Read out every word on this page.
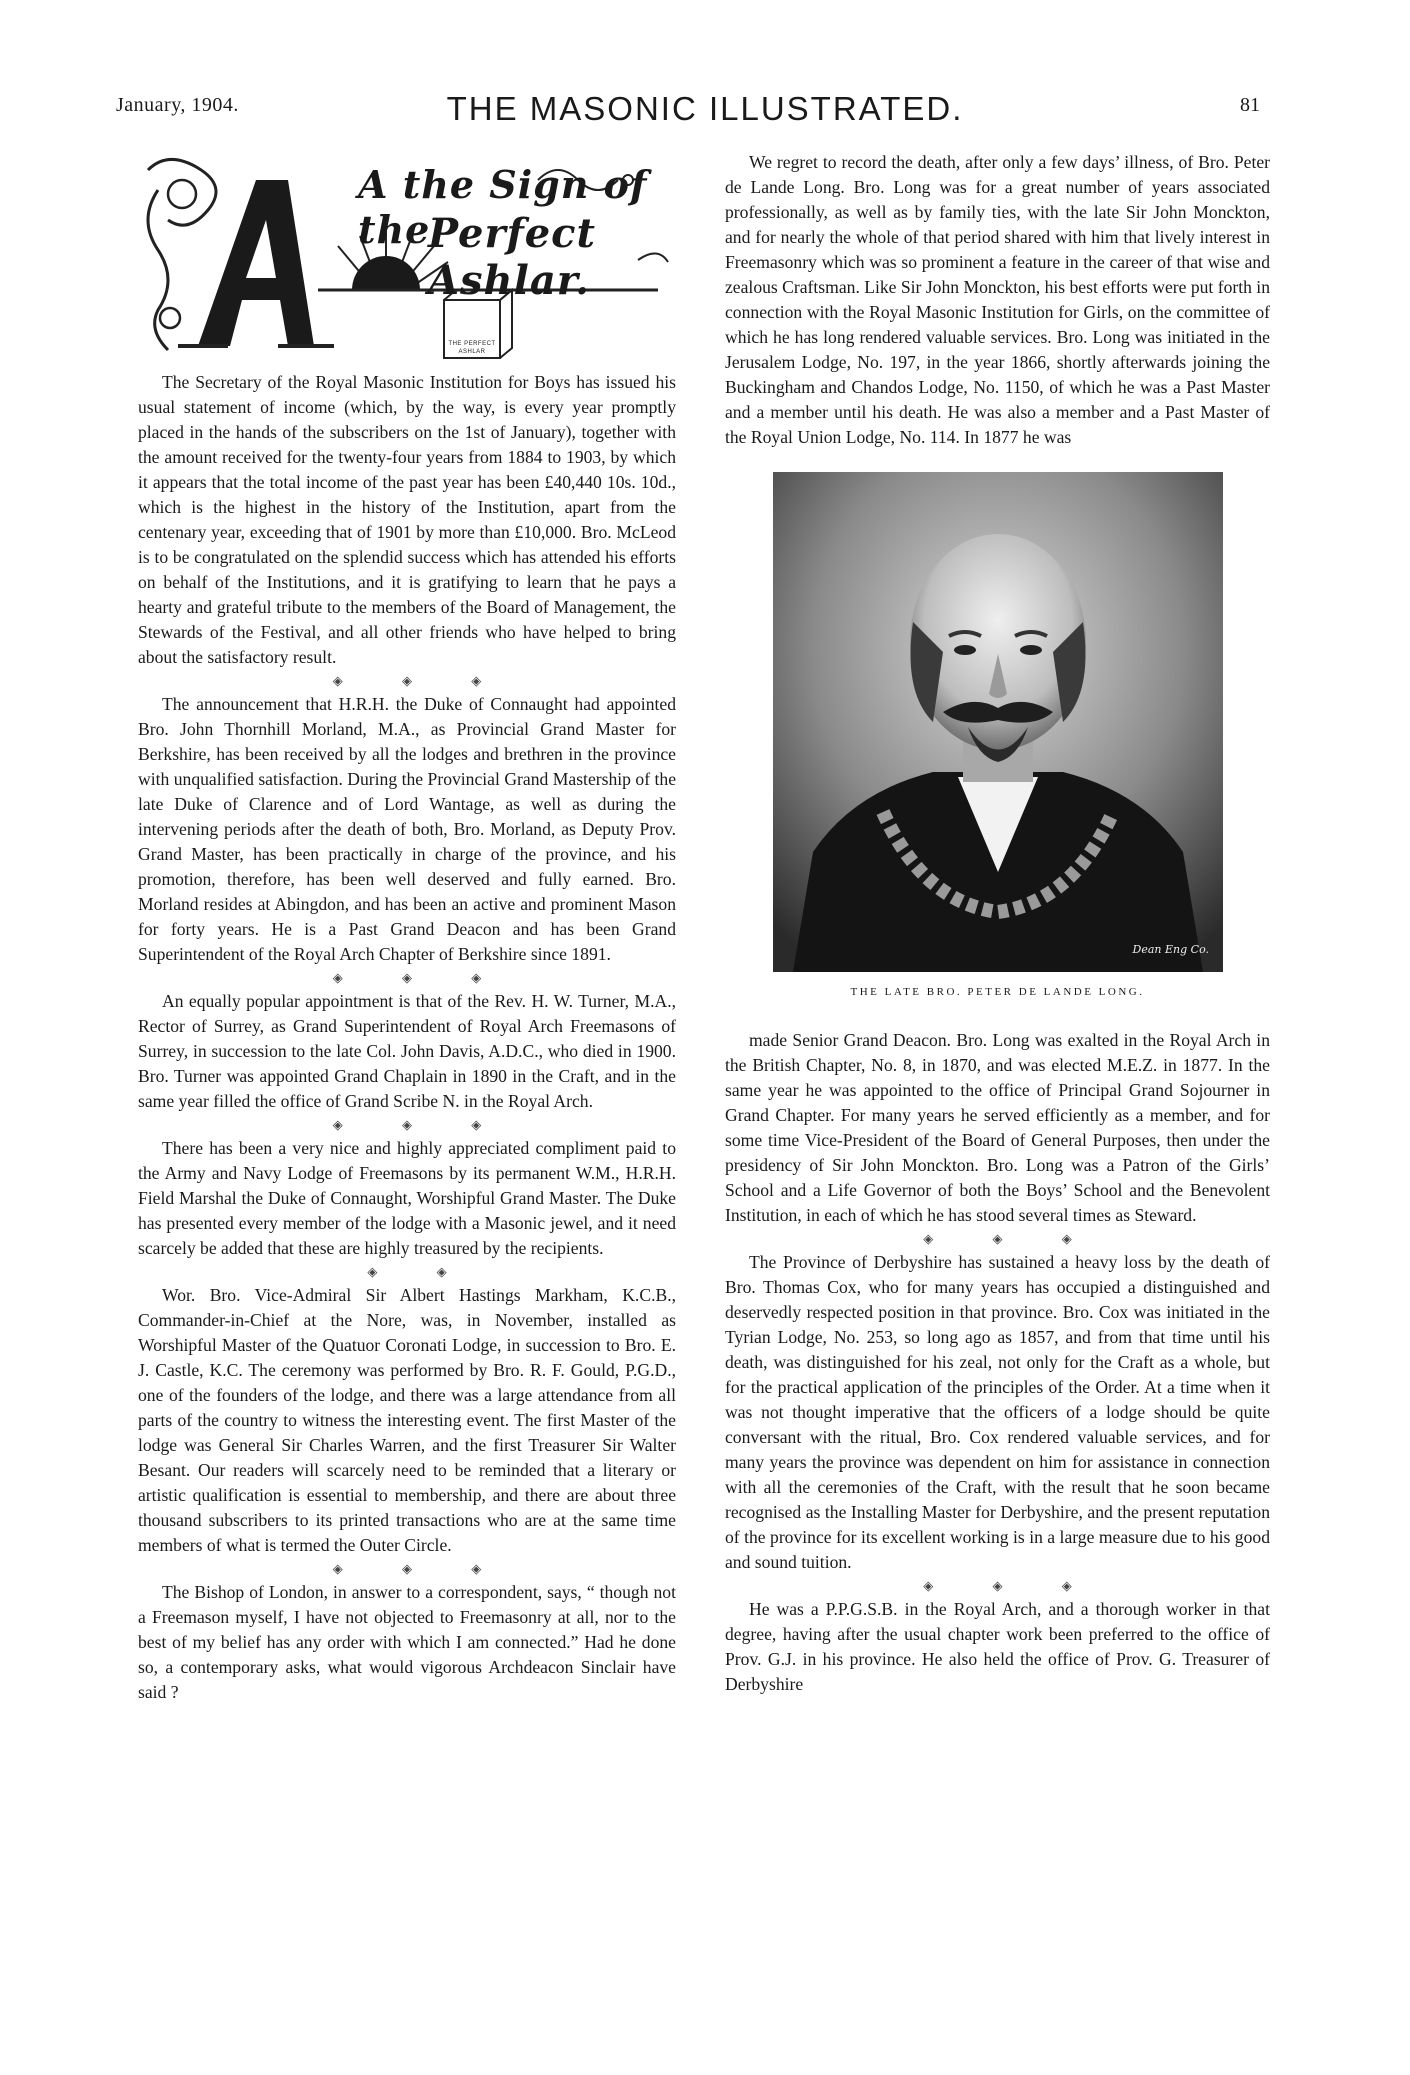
January, 1904.	THE MASONIC ILLUSTRATED.	81
A the Sign of the
Perfect Ashlar.
THE PERFECT ASHLAR

The Secretary of the Royal Masonic Institution for Boys has issued his usual statement of income (which, by the way, is every year promptly placed in the hands of the subscribers on the 1st of January), together with the amount received for the twenty-four years from 1884 to 1903, by which it appears that the total income of the past year has been £40,440 10s. 10d., which is the highest in the history of the Institution, apart from the centenary year, exceeding that of 1901 by more than £10,000. Bro. McLeod is to be congratulated on the splendid success which has attended his efforts on behalf of the Institutions, and it is gratifying to learn that he pays a hearty and grateful tribute to the members of the Board of Management, the Stewards of the Festival, and all other friends who have helped to bring about the satisfactory result.

◈ ◈ ◈

The announcement that H.R.H. the Duke of Connaught had appointed Bro. John Thornhill Morland, M.A., as Provincial Grand Master for Berkshire, has been received by all the lodges and brethren in the province with unqualified satisfaction. During the Provincial Grand Mastership of the late Duke of Clarence and of Lord Wantage, as well as during the intervening periods after the death of both, Bro. Morland, as Deputy Prov. Grand Master, has been practically in charge of the province, and his promotion, therefore, has been well deserved and fully earned. Bro. Morland resides at Abingdon, and has been an active and prominent Mason for forty years. He is a Past Grand Deacon and has been Grand Superintendent of the Royal Arch Chapter of Berkshire since 1891.

◈ ◈ ◈

An equally popular appointment is that of the Rev. H. W. Turner, M.A., Rector of Surrey, as Grand Superintendent of Royal Arch Freemasons of Surrey, in succession to the late Col. John Davis, A.D.C., who died in 1900. Bro. Turner was appointed Grand Chaplain in 1890 in the Craft, and in the same year filled the office of Grand Scribe N. in the Royal Arch.

◈ ◈ ◈

There has been a very nice and highly appreciated compliment paid to the Army and Navy Lodge of Freemasons by its permanent W.M., H.R.H. Field Marshal the Duke of Connaught, Worshipful Grand Master. The Duke has presented every member of the lodge with a Masonic jewel, and it need scarcely be added that these are highly treasured by the recipients.

◈ ◈

Wor. Bro. Vice-Admiral Sir Albert Hastings Markham, K.C.B., Commander-in-Chief at the Nore, was, in November, installed as Worshipful Master of the Quatuor Coronati Lodge, in succession to Bro. E. J. Castle, K.C. The ceremony was performed by Bro. R. F. Gould, P.G.D., one of the founders of the lodge, and there was a large attendance from all parts of the country to witness the interesting event. The first Master of the lodge was General Sir Charles Warren, and the first Treasurer Sir Walter Besant. Our readers will scarcely need to be reminded that a literary or artistic qualification is essential to membership, and there are about three thousand subscribers to its printed transactions who are at the same time members of what is termed the Outer Circle.

◈ ◈ ◈

The Bishop of London, in answer to a correspondent, says, “ though not a Freemason myself, I have not objected to Freemasonry at all, nor to the best of my belief has any order with which I am connected.” Had he done so, a contemporary asks, what would vigorous Archdeacon Sinclair have said ?

We regret to record the death, after only a few days’ illness, of Bro. Peter de Lande Long. Bro. Long was for a great number of years associated professionally, as well as by family ties, with the late Sir John Monckton, and for nearly the whole of that period shared with him that lively interest in Freemasonry which was so prominent a feature in the career of that wise and zealous Craftsman. Like Sir John Monckton, his best efforts were put forth in connection with the Royal Masonic Institution for Girls, on the committee of which he has long rendered valuable services. Bro. Long was initiated in the Jerusalem Lodge, No. 197, in the year 1866, shortly afterwards joining the Buckingham and Chandos Lodge, No. 1150, of which he was a Past Master and a member until his death. He was also a member and a Past Master of the Royal Union Lodge, No. 114. In 1877 he was

Dean Eng Co.
THE LATE BRO. PETER DE LANDE LONG.

made Senior Grand Deacon. Bro. Long was exalted in the Royal Arch in the British Chapter, No. 8, in 1870, and was elected M.E.Z. in 1877. In the same year he was appointed to the office of Principal Grand Sojourner in Grand Chapter. For many years he served efficiently as a member, and for some time Vice-President of the Board of General Purposes, then under the presidency of Sir John Monckton. Bro. Long was a Patron of the Girls’ School and a Life Governor of both the Boys’ School and the Benevolent Institution, in each of which he has stood several times as Steward.

◈ ◈ ◈

The Province of Derbyshire has sustained a heavy loss by the death of Bro. Thomas Cox, who for many years has occupied a distinguished and deservedly respected position in that province. Bro. Cox was initiated in the Tyrian Lodge, No. 253, so long ago as 1857, and from that time until his death, was distinguished for his zeal, not only for the Craft as a whole, but for the practical application of the principles of the Order. At a time when it was not thought imperative that the officers of a lodge should be quite conversant with the ritual, Bro. Cox rendered valuable services, and for many years the province was dependent on him for assistance in connection with all the ceremonies of the Craft, with the result that he soon became recognised as the Installing Master for Derbyshire, and the present reputation of the province for its excellent working is in a large measure due to his good and sound tuition.

◈ ◈ ◈

He was a P.P.G.S.B. in the Royal Arch, and a thorough worker in that degree, having after the usual chapter work been preferred to the office of Prov. G.J. in his province. He also held the office of Prov. G. Treasurer of Derbyshire
